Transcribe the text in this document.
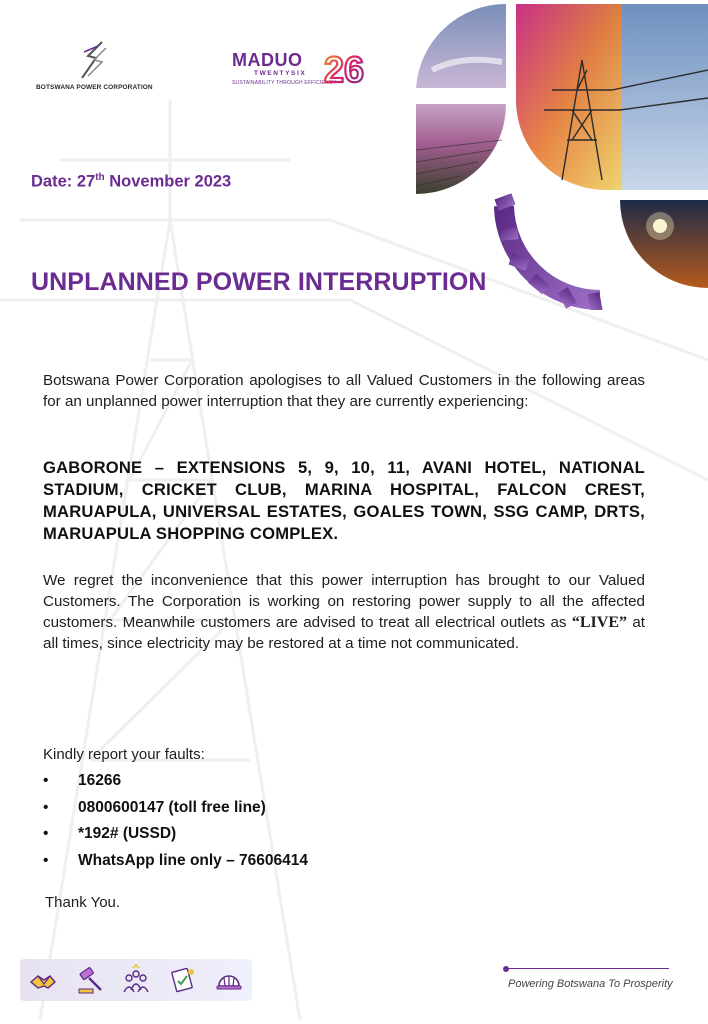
BOTSWANA POWER CORPORATION
MADUO
TWENTYSIX
SUSTAINABILITY THROUGH EFFICIENCY
26
Date: 27th November 2023
UNPLANNED POWER INTERRUPTION
Botswana Power Corporation apologises to all Valued Customers in the following areas for an unplanned power interruption that they are currently experiencing:
GABORONE – EXTENSIONS 5, 9, 10, 11, AVANI HOTEL, NATIONAL STADIUM, CRICKET CLUB, MARINA HOSPITAL, FALCON CREST, MARUAPULA, UNIVERSAL ESTATES, GOALES TOWN, SSG CAMP, DRTS, MARUAPULA SHOPPING COMPLEX.
We regret the inconvenience that this power interruption has brought to our Valued Customers. The Corporation is working on restoring power supply to all the affected customers. Meanwhile customers are advised to treat all electrical outlets as “LIVE” at all times, since electricity may be restored at a time not communicated.
Kindly report your faults:
• 16266
• 0800600147 (toll free line)
• *192# (USSD)
• WhatsApp line only – 76606414
Thank You.
Powering Botswana To Prosperity
